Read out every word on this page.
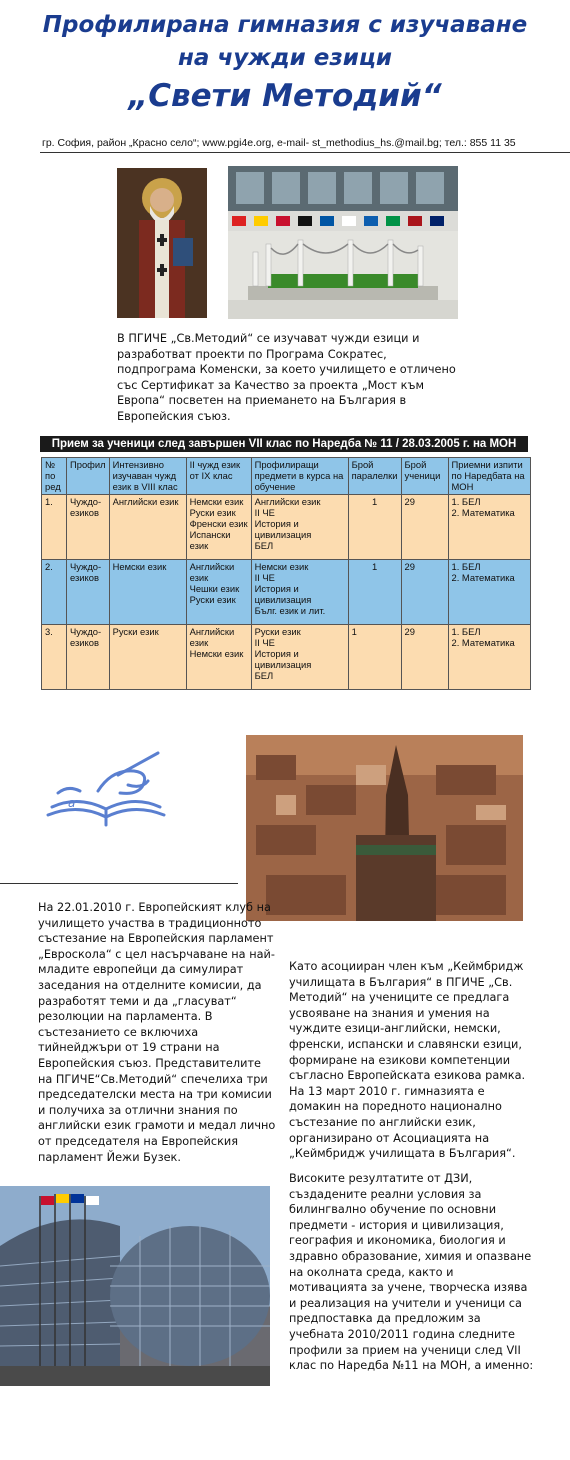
Профилирана гимназия с изучаване
на чужди езици
„Свети Методий“
гр. София, район „Красно село“; www.pgi4e.org, e-mail- st_methodius_hs.@mail.bg; тел.: 855 11 35
В ПГИЧЕ „Св.Методий“ се изучават чужди езици и разработват проекти по Програма Сократес, подпрограма Коменски, за което училището е отличено със Сертификат за Качество за проекта „Мост към Европа“ посветен на приемането на България в Европейския съюз.
Прием за ученици след завършен VII клас по Наредба № 11 / 28.03.2005 г. на МОН
№ по ред	Профил	Интензивно изучаван чужд език в VIII клас	II чужд език от IX клас	Профилиращи предмети в курса на обучение	Брой паралелки	Брой ученици	Приемни изпити по Наредбата на МОН
1.	Чуждо-езиков	Английски език	Немски език
Руски език
Френски език
Испански език	Английски език
II ЧЕ
История и цивилизация
БЕЛ	1	29	1. БЕЛ
2. Математика
2.	Чуждо-езиков	Немски език	Английски език
Чешки език
Руски език	Немски език
II ЧЕ
История и цивилизация
Бълг. език и лит.	1	29	1. БЕЛ
2. Математика
3.	Чуждо-езиков	Руски език	Английски език
Немски език	Руски език
II ЧЕ
История и цивилизация
БЕЛ	1	29	1. БЕЛ
2. Математика
a
На 22.01.2010 г. Европейският клуб на училището участва в традиционното състезание на Европейския парламент „Евроскола“ с цел насърчаване на най-младите европейци да симулират заседания на отделните комисии, да разработят теми и да „гласуват“ резолюции на парламента. В състезанието се включиха тийнейджъри от 19 страни на Европейския съюз. Представителите на ПГИЧЕ“Св.Методий“ спечелиха три председателски места на три комисии и получиха за отлични знания по английски език грамоти и медал лично от председателя на Европейския парламент Йежи Бузек.
Като асоцииран член към „Кеймбридж училищата в България“ в ПГИЧЕ „Св. Методий“ на учениците се предлага усвояване на знания и умения на чуждите езици-английски, немски, френски, испански и славянски езици, формиране на езикови компетенции съгласно Европейската езикова рамка. На 13 март 2010 г. гимназията е домакин на поредното национално състезание по английски език, организирано от Асоциацията на „Кеймбридж училищата в България“.
Високите резултатите от ДЗИ, създадените реални условия за билингвално обучение по основни предмети - история и цивилизация, география и икономика, биология и здравно образование, химия и опазване на околната среда, както и мотивацията за учене, творческа изява и реализация на учители и ученици са предпоставка да предложим за учебната 2010/2011 година следните профили за прием на ученици след VII клас по Наредба №11 на МОН, а именно:
